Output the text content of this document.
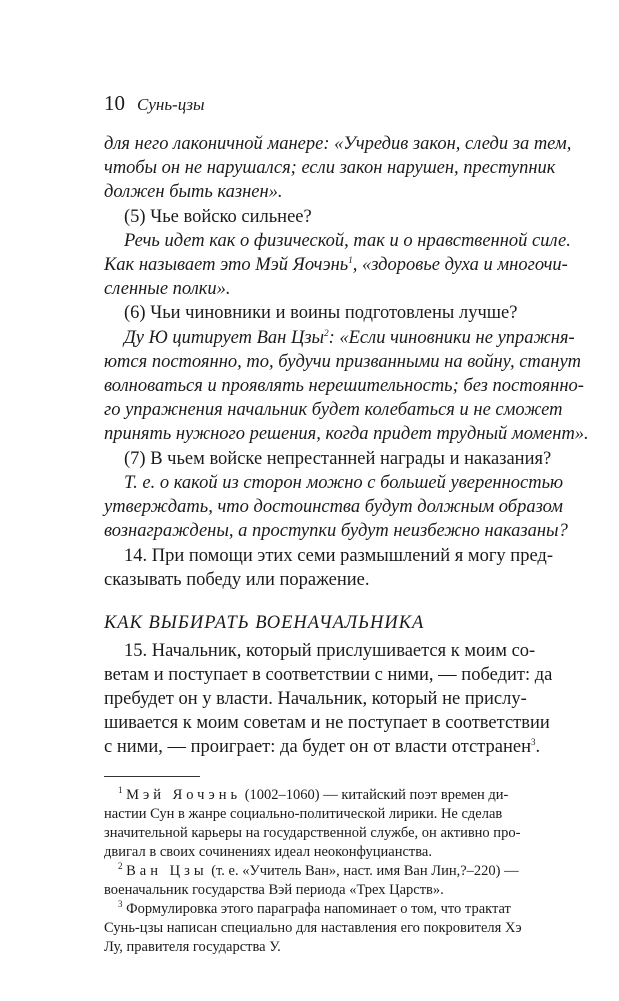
10 Сунь-цзы
для него лаконичной манере: «Учредив закон, следи за тем,
чтобы он не нарушался; если закон нарушен, преступник
должен быть казнен».
(5) Чье войско сильнее?
Речь идет как о физической, так и о нравственной силе.
Как называет это Мэй Яочэнь$^1$, «здоровье духа и многочи-
сленные полки».
(6) Чьи чиновники и воины подготовлены лучше?
Ду Ю цитирует Ван Цзы$^2$: «Если чиновники не упражня-
ются постоянно, то, будучи призванными на войну, станут
волноваться и проявлять нерешительность; без постоянно-
го упражнения начальник будет колебаться и не сможет
принять нужного решения, когда придет трудный момент».
(7) В чьем войске непрестанней награды и наказания?
Т. е. о какой из сторон можно с большей уверенностью
утверждать, что достоинства будут должным образом
вознаграждены, а проступки будут неизбежно наказаны?
14. При помощи этих семи размышлений я могу пред-
сказывать победу или поражение.
КАК ВЫБИРАТЬ ВОЕНАЧАЛЬНИКА
15. Начальник, который прислушивается к моим со-
ветам и поступает в соответствии с ними, — победит: да
пребудет он у власти. Начальник, который не прислу-
шивается к моим советам и не поступает в соответствии
с ними, — проиграет: да будет он от власти отстранен$^3$.
$^1$ Мэй Яочэнь (1002–1060) — китайский поэт времен ди-
настии Сун в жанре социально-политической лирики. Не сделав
значительной карьеры на государственной службе, он активно про-
двигал в своих сочинениях идеал неоконфуцианства.
$^2$ Ван Цзы (т. е. «Учитель Ван», наст. имя Ван Лин,?–220) —
военачальник государства Вэй периода «Трех Царств».
$^3$ Формулировка этого параграфа напоминает о том, что трактат
Сунь-цзы написан специально для наставления его покровителя Хэ
Лу, правителя государства У.
